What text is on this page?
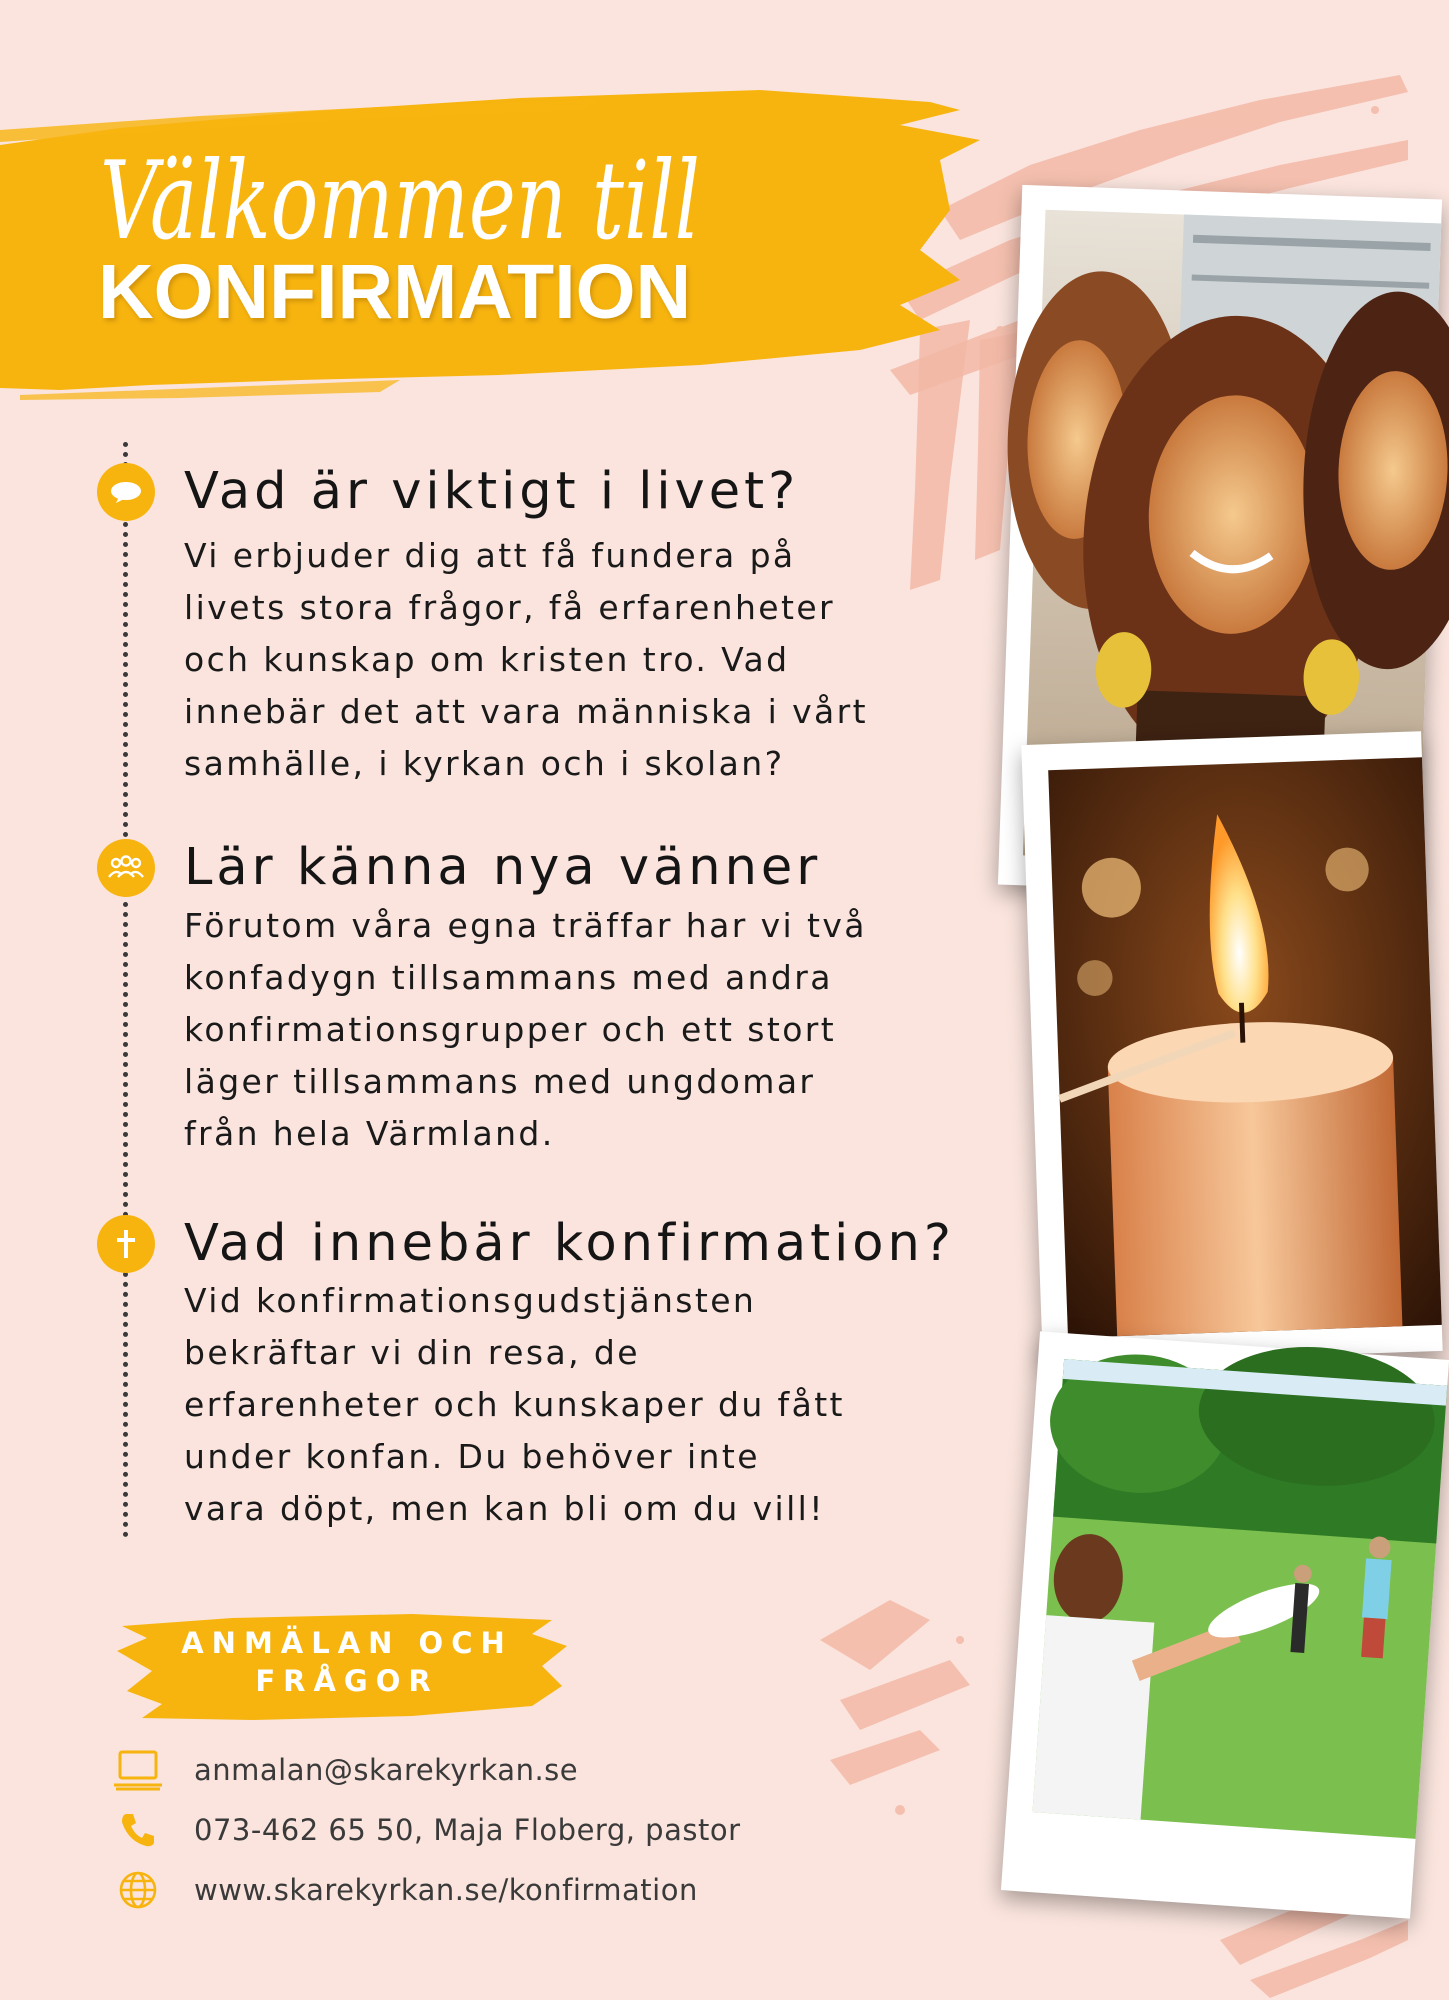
Välkommen till
KONFIRMATION
Vad är viktigt i livet?
Vi erbjuder dig att få fundera på
livets stora frågor, få erfarenheter
och kunskap om kristen tro. Vad
innebär det att vara människa i vårt
samhälle, i kyrkan och i skolan?
Lär känna nya vänner
Förutom våra egna träffar har vi två
konfadygn tillsammans med andra
konfirmationsgrupper och ett stort
läger tillsammans med ungdomar
från hela Värmland.
Vad innebär konfirmation?
Vid konfirmationsgudstjänsten
bekräftar vi din resa, de
erfarenheter och kunskaper du fått
under konfan. Du behöver inte
vara döpt, men kan bli om du vill!
ANMÄLAN OCH
FRÅGOR
anmalan@skarekyrkan.se
073-462 65 50, Maja Floberg, pastor
www.skarekyrkan.se/konfirmation
